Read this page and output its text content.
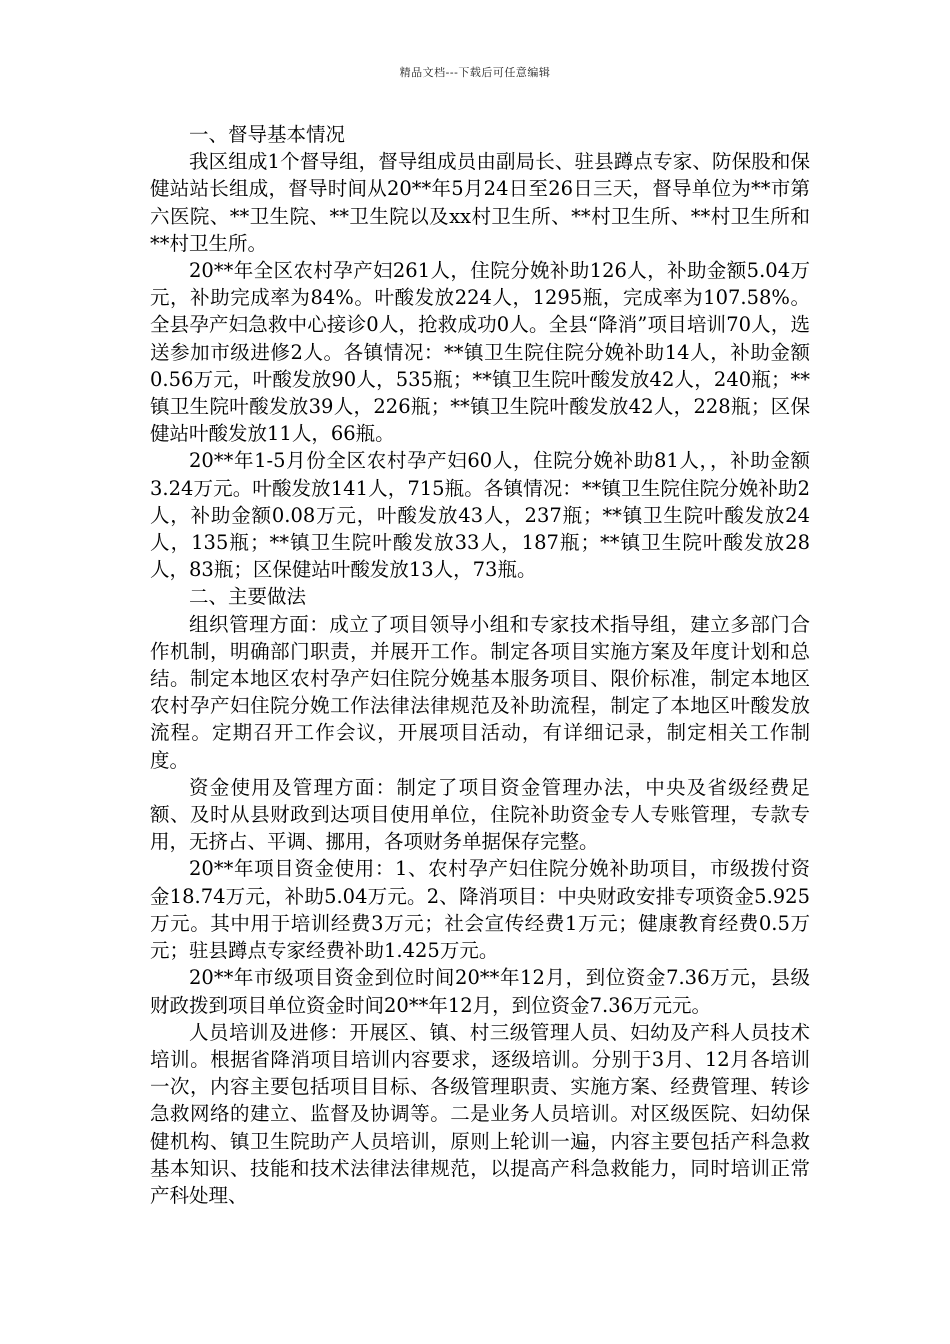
精品文档---下载后可任意编辑
一、督导基本情况

我区组成1个督导组，督导组成员由副局长、驻县蹲点专家、防保股和保健站站长组成，督导时间从20**年5月24日至26日三天，督导单位为**市第六医院、**卫生院、**卫生院以及xx村卫生所、**村卫生所、**村卫生所和**村卫生所。

20**年全区农村孕产妇261人，住院分娩补助126人，补助金额5.04万元，补助完成率为84%。叶酸发放224人，1295瓶，完成率为107.58%。全县孕产妇急救中心接诊0人，抢救成功0人。全县“降消”项目培训70人，选送参加市级进修2人。各镇情况：**镇卫生院住院分娩补助14人，补助金额0.56万元，叶酸发放90人，535瓶；**镇卫生院叶酸发放42人，240瓶；**镇卫生院叶酸发放39人，226瓶；**镇卫生院叶酸发放42人，228瓶；区保健站叶酸发放11人，66瓶。

20**年1-5月份全区农村孕产妇60人，住院分娩补助81人，，补助金额3.24万元。叶酸发放141人，715瓶。各镇情况：**镇卫生院住院分娩补助2人，补助金额0.08万元，叶酸发放43人，237瓶；**镇卫生院叶酸发放24人，135瓶；**镇卫生院叶酸发放33人，187瓶；**镇卫生院叶酸发放28人，83瓶；区保健站叶酸发放13人，73瓶。

二、主要做法

组织管理方面：成立了项目领导小组和专家技术指导组，建立多部门合作机制，明确部门职责，并展开工作。制定各项目实施方案及年度计划和总结。制定本地区农村孕产妇住院分娩基本服务项目、限价标准，制定本地区农村孕产妇住院分娩工作法律法律规范及补助流程，制定了本地区叶酸发放流程。定期召开工作会议，开展项目活动，有详细记录，制定相关工作制度。

资金使用及管理方面：制定了项目资金管理办法，中央及省级经费足额、及时从县财政到达项目使用单位，住院补助资金专人专账管理，专款专用，无挤占、平调、挪用，各项财务单据保存完整。

20**年项目资金使用：1、农村孕产妇住院分娩补助项目，市级拨付资金18.74万元，补助5.04万元。2、降消项目：中央财政安排专项资金5.925万元。其中用于培训经费3万元；社会宣传经费1万元；健康教育经费0.5万元；驻县蹲点专家经费补助1.425万元。

20**年市级项目资金到位时间20**年12月，到位资金7.36万元，县级财政拨到项目单位资金时间20**年12月，到位资金7.36万元元。

人员培训及进修：开展区、镇、村三级管理人员、妇幼及产科人员技术培训。根据省降消项目培训内容要求，逐级培训。分别于3月、12月各培训一次，内容主要包括项目目标、各级管理职责、实施方案、经费管理、转诊急救网络的建立、监督及协调等。二是业务人员培训。对区级医院、妇幼保健机构、镇卫生院助产人员培训，原则上轮训一遍，内容主要包括产科急救基本知识、技能和技术法律法律规范，以提高产科急救能力，同时培训正常产科处理、
